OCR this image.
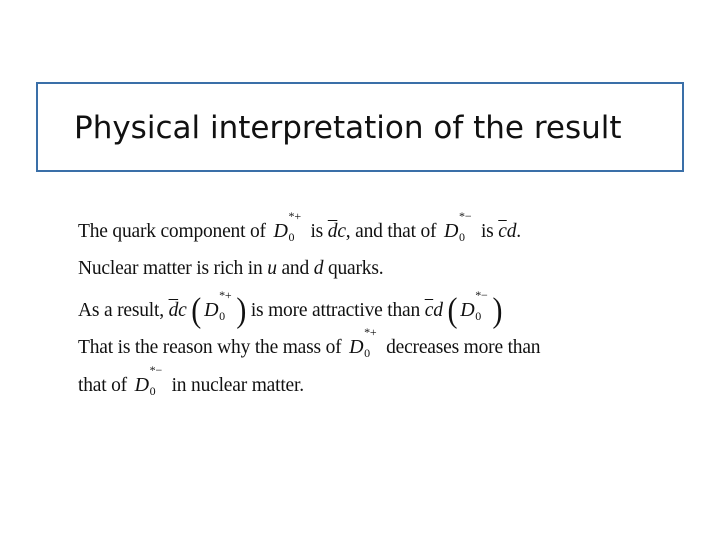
Physical interpretation of the result
The quark component of D
*+
0 is $\overline{d}c$, and that of D
*−
0 is $\overline{c}d$.
Nuclear matter is rich in u and d quarks.
As a result, $\overline{d}c$ ( D
*+
0 ) is more attractive than $\overline{c}d$ ( D
*−
0 )
That is the reason why the mass of D
*+
0 decreases more than
that of D
*−
0 in nuclear matter.
